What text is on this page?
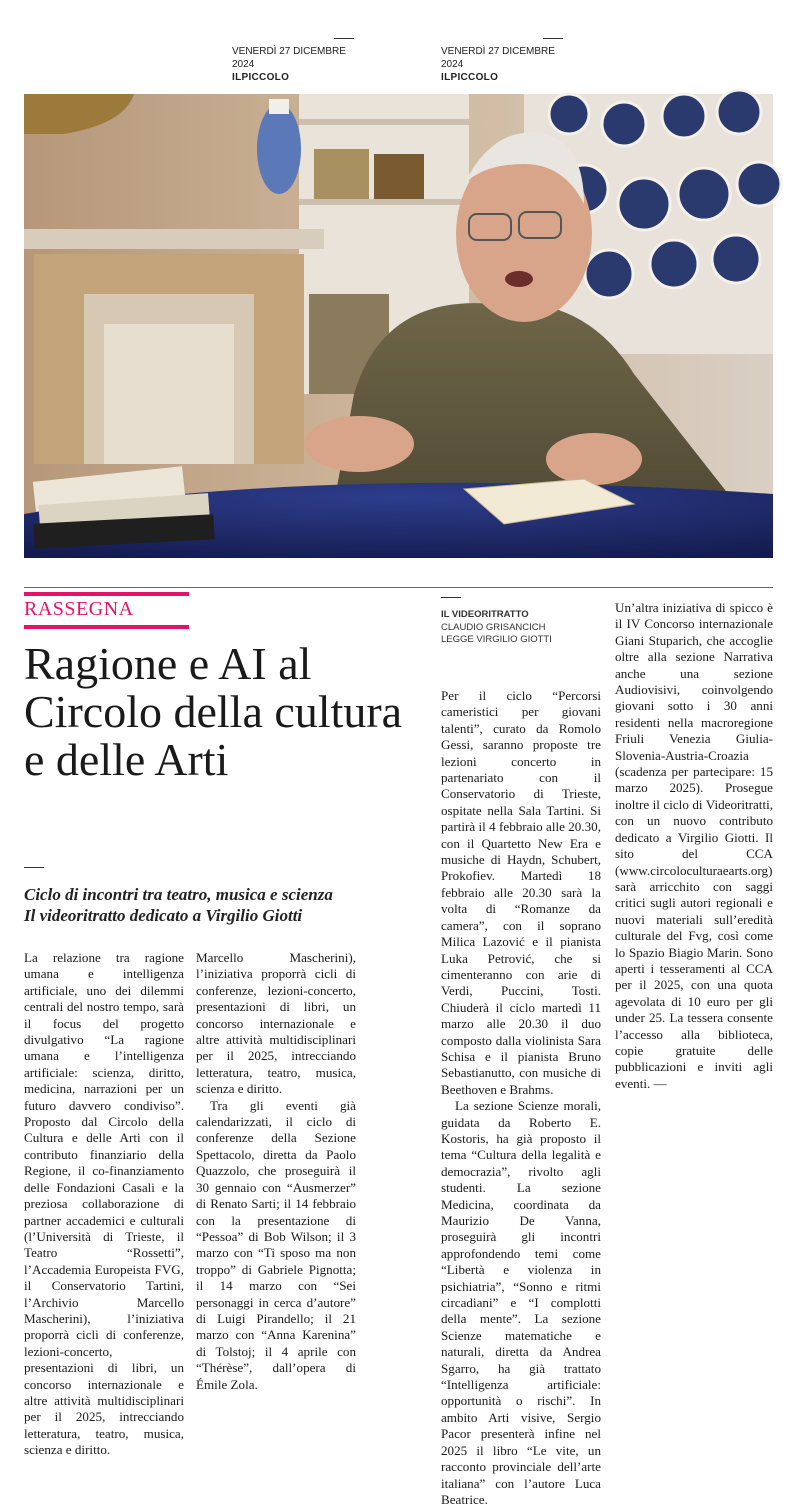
VENERDÌ 27 DICEMBRE 2024
ILPICCOLO
VENERDÌ 27 DICEMBRE 2024
ILPICCOLO
RASSEGNA
Ragione e AI al Circolo della cultura e delle Arti
Ciclo di incontri tra teatro, musica e scienza
Il videoritratto dedicato a Virgilio Giotti
IL VIDEORITRATTO
CLAUDIO GRISANCICH
LEGGE VIRGILIO GIOTTI

La relazione tra ragione umana e intelligenza artificiale, uno dei dilemmi centrali del nostro tempo, sarà il focus del progetto divulgativo “La ragione umana e l’intelligenza artificiale: scienza, diritto, medicina, narrazioni per un futuro davvero condiviso”. Proposto dal Circolo della Cultura e delle Arti con il contributo finanziario della Regione, il co-finanziamento delle Fondazioni Casali e la preziosa collaborazione di partner accademici e culturali (l’Università di Trieste, il Teatro “Rossetti”, l’Accademia Europeista FVG, il Conservatorio Tartini, l’Archivio Marcello Mascherini), l’iniziativa proporrà cicli di conferenze, lezioni-concerto, presentazioni di libri, un concorso internazionale e altre attività multidisciplinari per il 2025, intrecciando letteratura, teatro, musica, scienza e diritto.

Marcello Mascherini), l’iniziativa proporrà cicli di conferenze, lezioni-concerto, presentazioni di libri, un concorso internazionale e altre attività multidisciplinari per il 2025, intrecciando letteratura, teatro, musica, scienza e diritto.

Tra gli eventi già calendarizzati, il ciclo di conferenze della Sezione Spettacolo, diretta da Paolo Quazzolo, che proseguirà il 30 gennaio con “Ausmerzer” di Renato Sarti; il 14 febbraio con la presentazione di “Pessoa” di Bob Wilson; il 3 marzo con “Ti sposo ma non troppo” di Gabriele Pignotta; il 14 marzo con “Sei personaggi in cerca d’autore” di Luigi Pirandello; il 21 marzo con “Anna Karenina” di Tolstoj; il 4 aprile con “Thérèse”, dall’opera di Émile Zola.

Per il ciclo “Percorsi cameristici per giovani talenti”, curato da Romolo Gessi, saranno proposte tre lezioni concerto in partenariato con il Conservatorio di Trieste, ospitate nella Sala Tartini. Si partirà il 4 febbraio alle 20.30, con il Quartetto New Era e musiche di Haydn, Schubert, Prokofiev. Martedì 18 febbraio alle 20.30 sarà la volta di “Romanze da camera”, con il soprano Milica Lazović e il pianista Luka Petrović, che si cimenteranno con arie di Verdi, Puccini, Tosti. Chiuderà il ciclo martedì 11 marzo alle 20.30 il duo composto dalla violinista Sara Schisa e il pianista Bruno Sebastianutto, con musiche di Beethoven e Brahms.

La sezione Scienze morali, guidata da Roberto E. Kostoris, ha già proposto il tema “Cultura della legalità e democrazia”, rivolto agli studenti. La sezione Medicina, coordinata da Maurizio De Vanna, proseguirà gli incontri approfondendo temi come “Libertà e violenza in psichiatria”, “Sonno e ritmi circadiani” e “I complotti della mente”. La sezione Scienze matematiche e naturali, diretta da Andrea Sgarro, ha già trattato “Intelligenza artificiale: opportunità o rischi”. In ambito Arti visive, Sergio Pacor presenterà infine nel 2025 il libro “Le vite, un racconto provinciale dell’arte italiana” con l’autore Luca Beatrice.

Un’altra iniziativa di spicco è il IV Concorso internazionale Giani Stuparich, che accoglie oltre alla sezione Narrativa anche una sezione Audiovisivi, coinvolgendo giovani sotto i 30 anni residenti nella macroregione Friuli Venezia Giulia-Slovenia-Austria-Croazia (scadenza per partecipare: 15 marzo 2025). Prosegue inoltre il ciclo di Videoritratti, con un nuovo contributo dedicato a Virgilio Giotti. Il sito del CCA (www.circoloculturaearts.org) sarà arricchito con saggi critici sugli autori regionali e nuovi materiali sull’eredità culturale del Fvg, così come lo Spazio Biagio Marin. Sono aperti i tesseramenti al CCA per il 2025, con una quota agevolata di 10 euro per gli under 25. La tessera consente l’accesso alla biblioteca, copie gratuite delle pubblicazioni e inviti agli eventi. —
